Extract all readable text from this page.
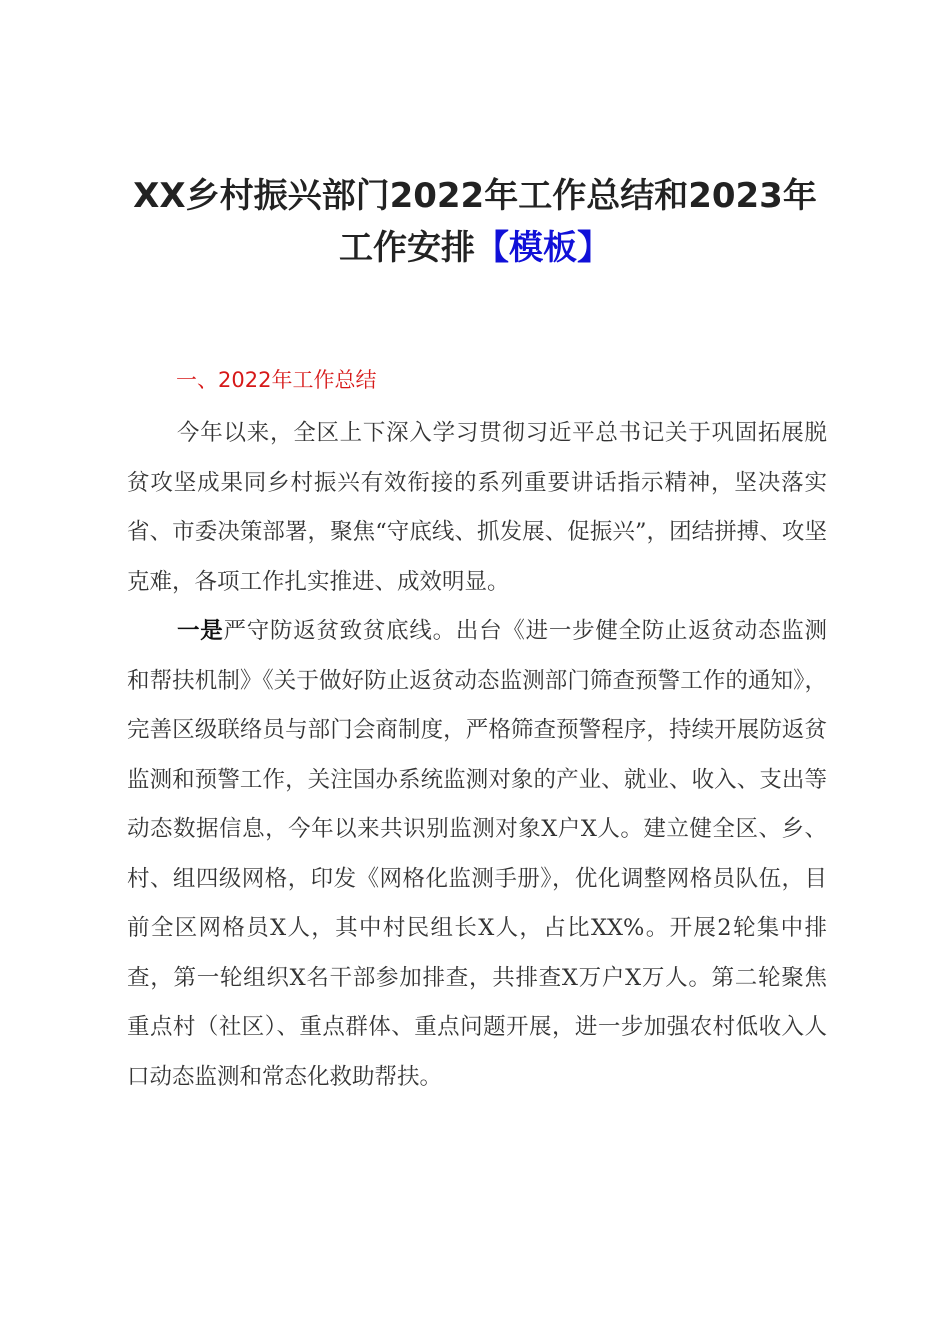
XX乡村振兴部门2022年工作总结和2023年
工作安排【模板】
一、2022年工作总结

今年以来，全区上下深入学习贯彻习近平总书记关于巩固拓展脱贫攻坚成果同乡村振兴有效衔接的系列重要讲话指示精神，坚决落实省、市委决策部署，聚焦“守底线、抓发展、促振兴”，团结拼搏、攻坚克难，各项工作扎实推进、成效明显。

一是严守防返贫致贫底线。出台《进一步健全防止返贫动态监测和帮扶机制》《关于做好防止返贫动态监测部门筛查预警工作的通知》，完善区级联络员与部门会商制度，严格筛查预警程序，持续开展防返贫监测和预警工作，关注国办系统监测对象的产业、就业、收入、支出等动态数据信息，今年以来共识别监测对象X户X人。建立健全区、乡、村、组四级网格，印发《网格化监测手册》，优化调整网格员队伍，目前全区网格员X人，其中村民组长X人，占比XX%。开展2轮集中排查，第一轮组织X名干部参加排查，共排查X万户X万人。第二轮聚焦重点村（社区）、重点群体、重点问题开展，进一步加强农村低收入人口动态监测和常态化救助帮扶。
